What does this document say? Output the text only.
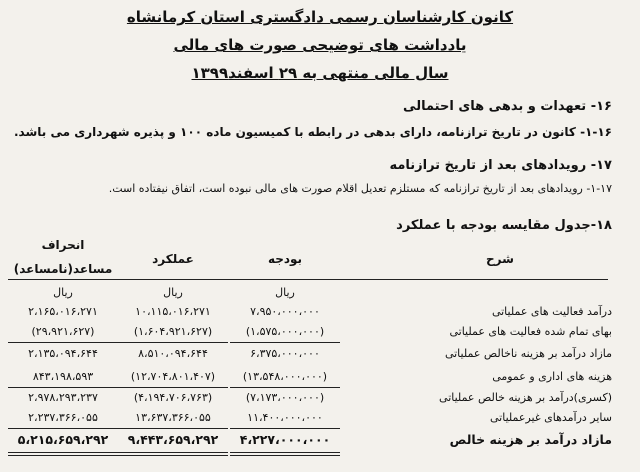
کانون کارشناسان رسمی دادگستری استان کرمانشاه
یادداشت های توضیحی صورت های مالی
سال مالی منتهی به ۲۹ اسفند۱۳۹۹
۱۶- تعهدات و بدهی های احتمالی
۱-۱۶- کانون در تاریخ ترازنامه، دارای بدهی در رابطه با کمیسیون ماده ۱۰۰ و پذیره شهرداری می باشد.
۱۷- رویدادهای بعد از تاریخ ترازنامه
۱-۱۷- رویدادهای بعد از تاریخ ترازنامه که مستلزم تعدیل اقلام صورت های مالی نبوده است، اتفاق نیفتاده است.
۱۸-جدول مقایسه بودجه با عملکرد
شرح
بودجه
عملکرد
انحراف
مساعد(نامساعد)
ریال
ریال
ریال
درآمد فعالیت های عملیاتی
۷،۹۵۰،۰۰۰،۰۰۰
۱۰،۱۱۵،۰۱۶،۲۷۱
۲،۱۶۵،۰۱۶،۲۷۱
بهای تمام شده فعالیت های عملیاتی
(۱،۵۷۵،۰۰۰،۰۰۰)
(۱،۶۰۴،۹۲۱،۶۲۷)
(۲۹،۹۲۱،۶۲۷)
مازاد درآمد بر هزینه ناخالص عملیاتی
۶،۳۷۵،۰۰۰،۰۰۰
۸،۵۱۰،۰۹۴،۶۴۴
۲،۱۳۵،۰۹۴،۶۴۴
هزینه های اداری و عمومی
(۱۳،۵۴۸،۰۰۰،۰۰۰)
(۱۲،۷۰۴،۸۰۱،۴۰۷)
۸۴۳،۱۹۸،۵۹۳
(کسری)درآمد بر هزینه خالص عملیاتی
(۷،۱۷۳،۰۰۰،۰۰۰)
(۴،۱۹۴،۷۰۶،۷۶۳)
۲،۹۷۸،۲۹۳،۲۳۷
سایر درآمدهای غیرعملیاتی
۱۱،۴۰۰،۰۰۰،۰۰۰
۱۳،۶۳۷،۳۶۶،۰۵۵
۲،۲۳۷،۳۶۶،۰۵۵
مازاد درآمد بر هزینه خالص
۴،۲۲۷،۰۰۰،۰۰۰
۹،۴۴۳،۶۵۹،۲۹۲
۵،۲۱۵،۶۵۹،۲۹۲
